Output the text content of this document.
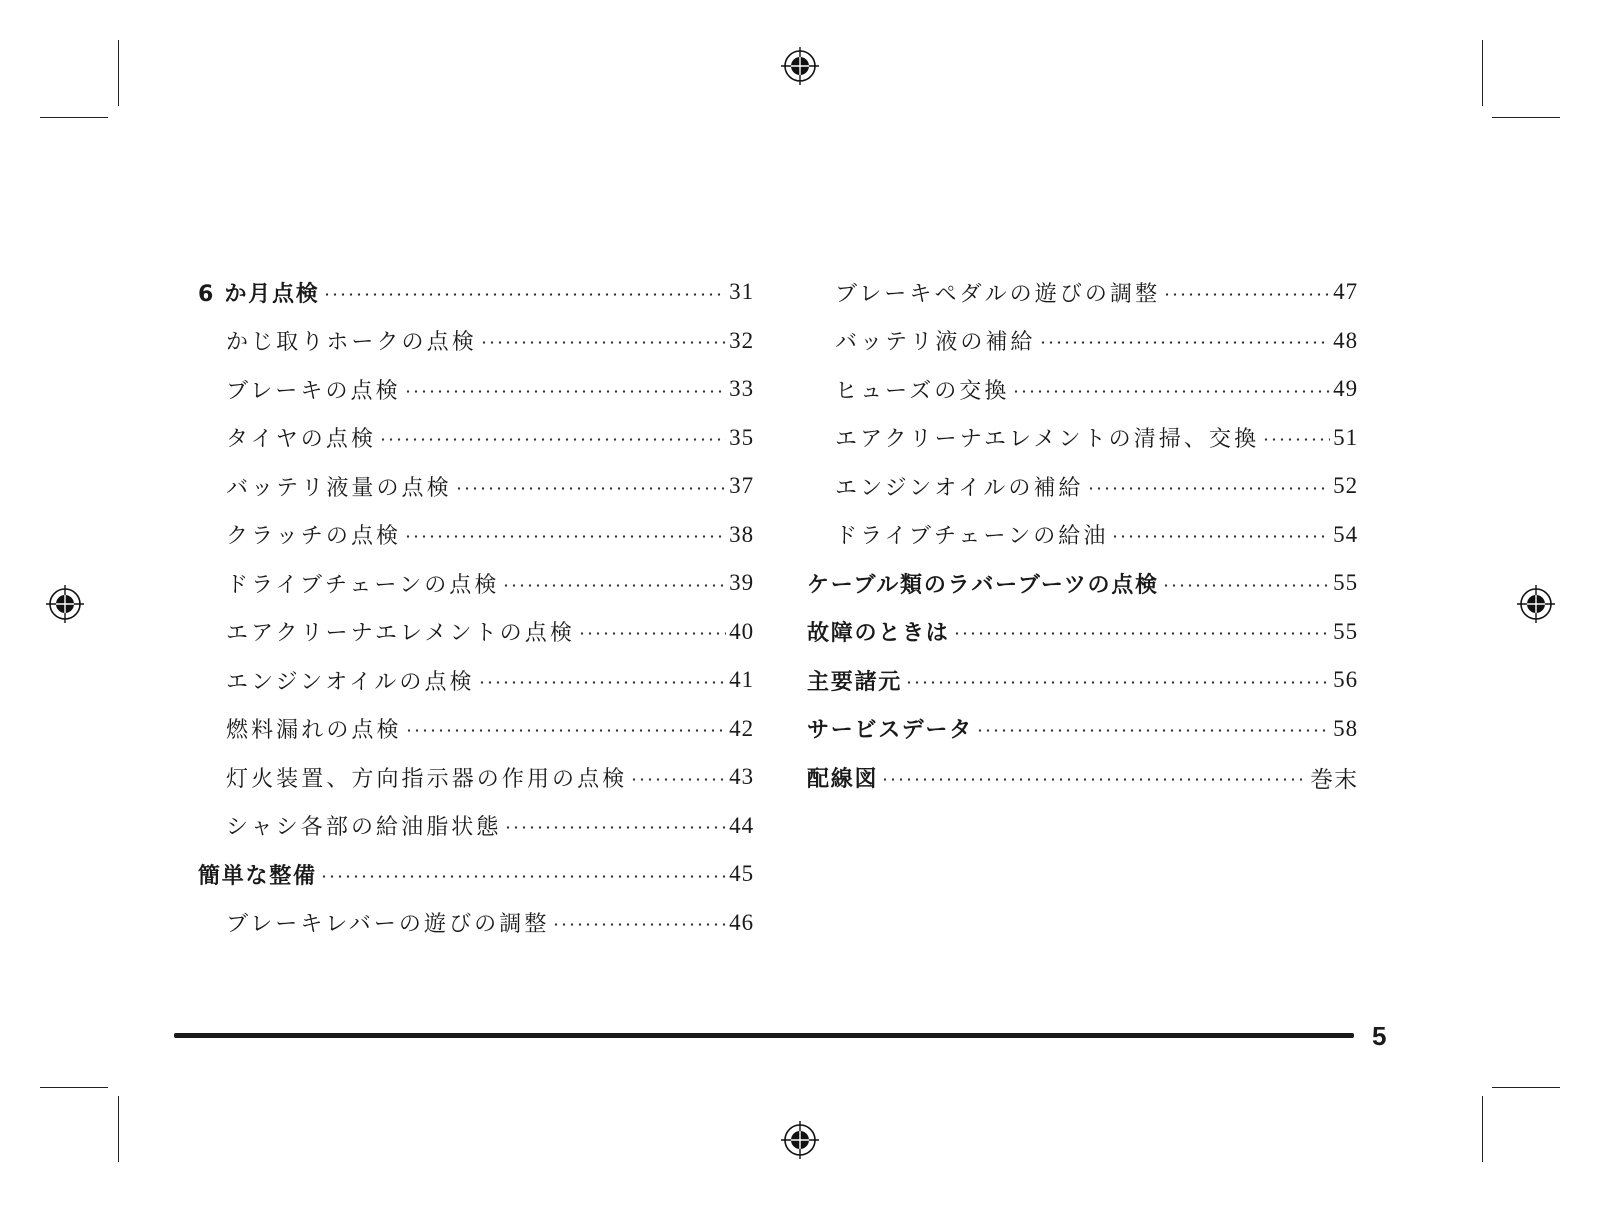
6 か月点検	31
かじ取りホークの点検	32
ブレーキの点検	33
タイヤの点検	35
バッテリ液量の点検	37
クラッチの点検	38
ドライブチェーンの点検	39
エアクリーナエレメントの点検	40
エンジンオイルの点検	41
燃料漏れの点検	42
灯火装置、方向指示器の作用の点検	43
シャシ各部の給油脂状態	44
簡単な整備	45
ブレーキレバーの遊びの調整	46
ブレーキペダルの遊びの調整	47
バッテリ液の補給	48
ヒューズの交換	49
エアクリーナエレメントの清掃、交換	51
エンジンオイルの補給	52
ドライブチェーンの給油	54
ケーブル類のラバーブーツの点検	55
故障のときは	55
主要諸元	56
サービスデータ	58
配線図	巻末
5
